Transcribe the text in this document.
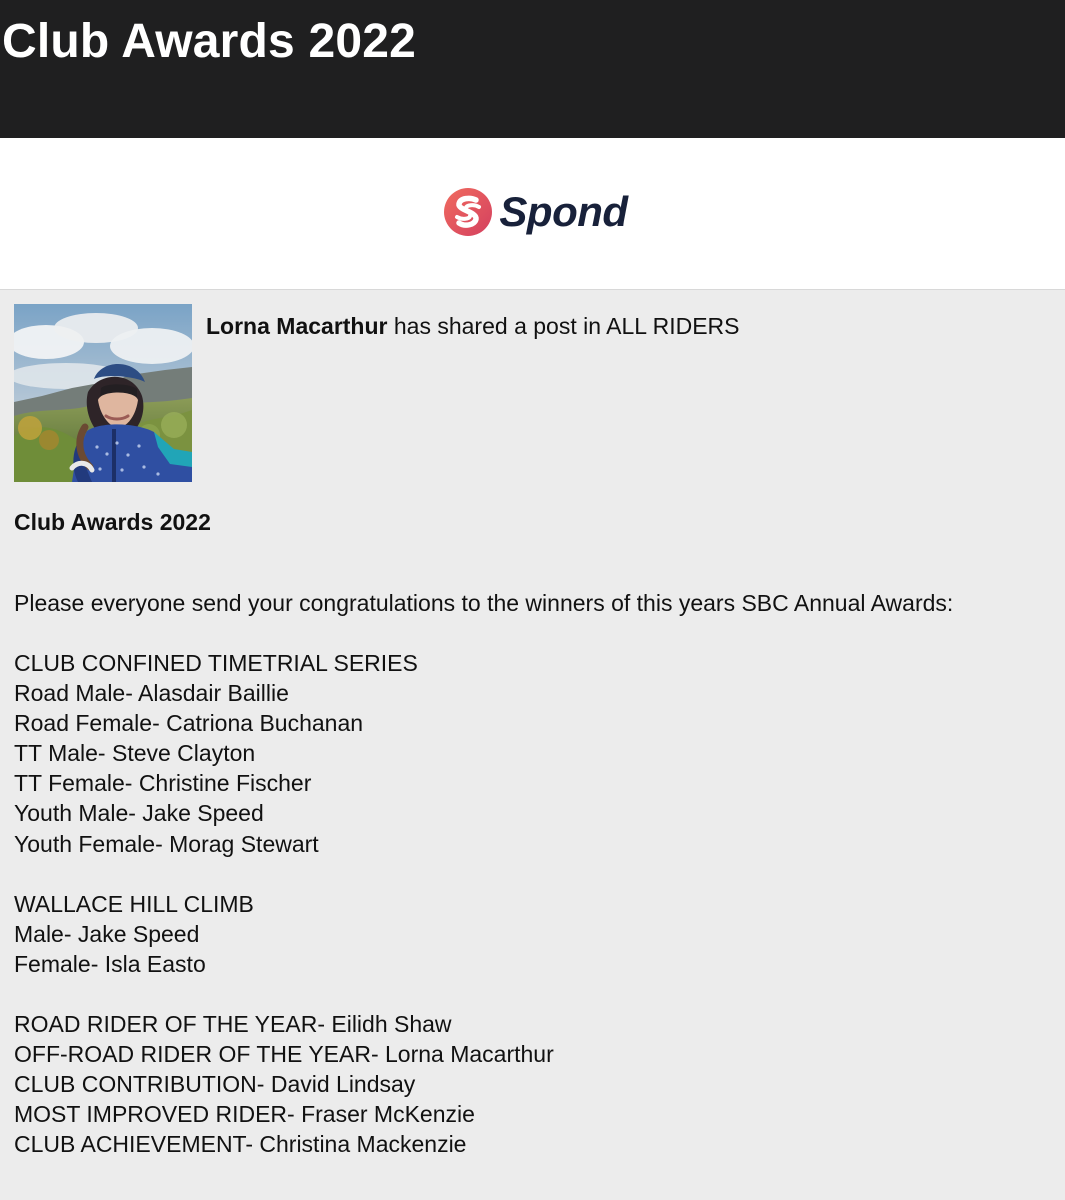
Club Awards 2022
Spond
Lorna Macarthur has shared a post in ALL RIDERS
Club Awards 2022
Please everyone send your congratulations to the winners of this years SBC Annual Awards:
CLUB CONFINED TIMETRIAL SERIES
Road Male- Alasdair Baillie
Road Female- Catriona Buchanan
TT Male- Steve Clayton
TT Female- Christine Fischer
Youth Male- Jake Speed
Youth Female- Morag Stewart
WALLACE HILL CLIMB
Male- Jake Speed
Female- Isla Easto
ROAD RIDER OF THE YEAR- Eilidh Shaw
OFF-ROAD RIDER OF THE YEAR- Lorna Macarthur
CLUB CONTRIBUTION- David Lindsay
MOST IMPROVED RIDER- Fraser McKenzie
CLUB ACHIEVEMENT- Christina Mackenzie
